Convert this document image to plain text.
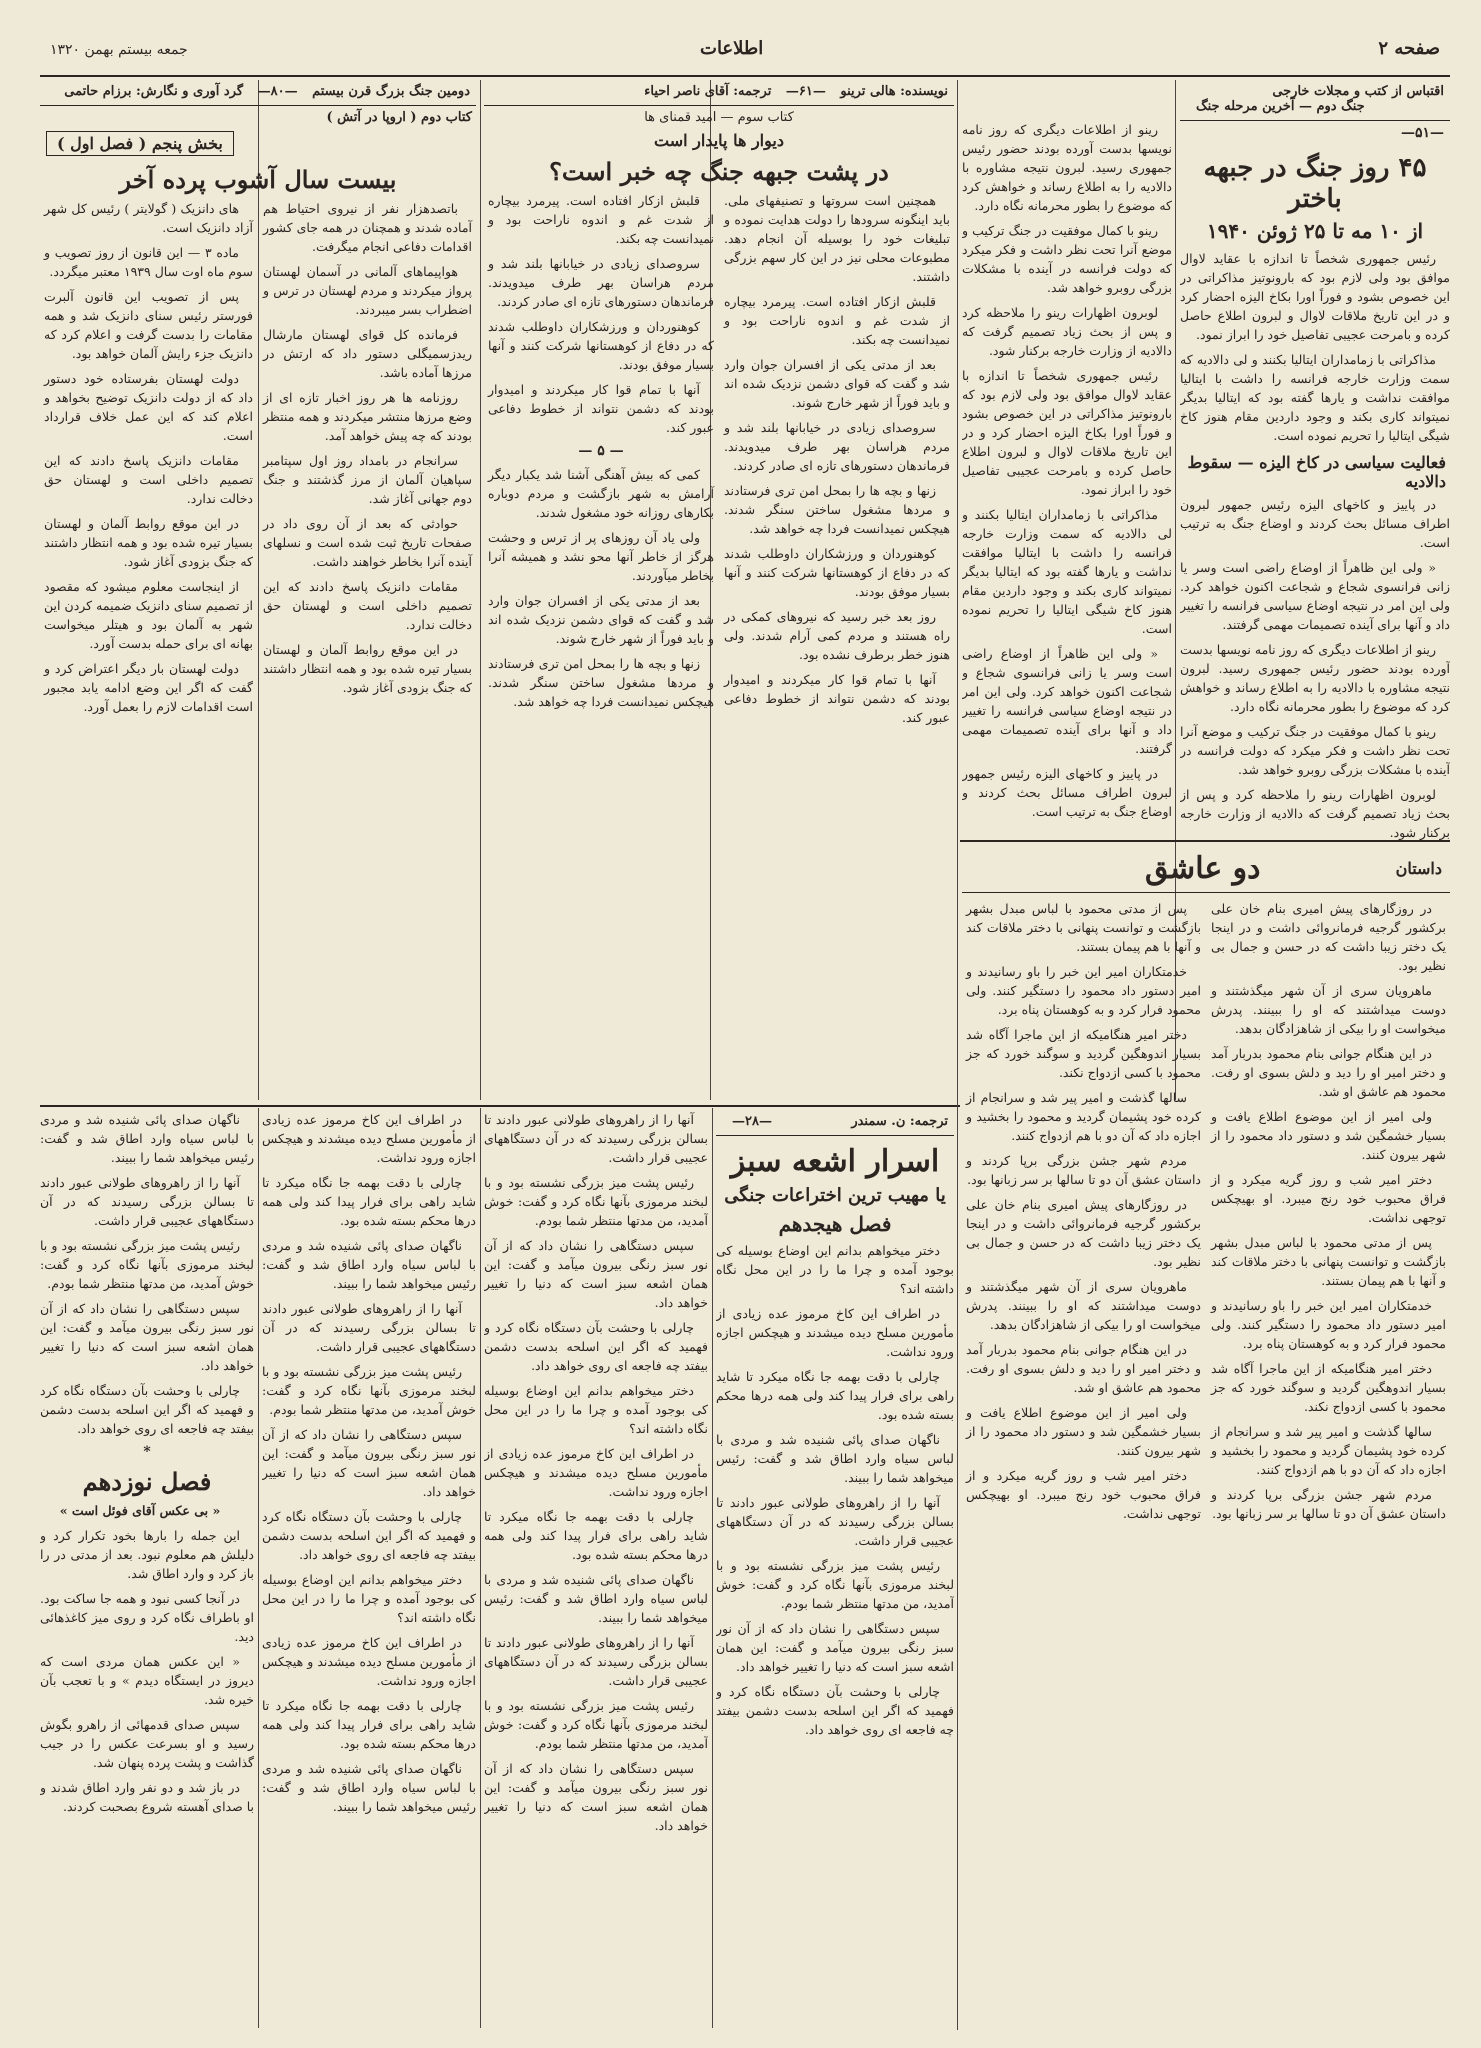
صفحه ۲
اطلاعات
جمعه بیستم بهمن ۱۳۲۰
اقتباس از کتب و مجلات خارجی
جنگ دوم — آخرین مرحله جنگ
—۵۱—
۴۵ روز جنگ در جبهه باختر
از ۱۰ مه تا ۲۵ ژوئن ۱۹۴۰

رئیس جمهوری شخصاً تا اندازه با عقاید لاوال موافق بود ولی لازم بود که بارونوتیز مذاکراتی در این خصوص بشود و فوراً اورا بکاخ الیزه احضار کرد و در این تاریخ ملاقات لاوال و لبرون اطلاع حاصل کرده و بامرحت عجیبی تفاصیل خود را ابراز نمود.

مذاکراتی با زمامداران ایتالیا بکنند و لی دالادیه که سمت وزارت خارجه فرانسه را داشت با ایتالیا موافقت نداشت و یارها گفته بود که ایتالیا بدیگر نمیتواند کاری بکند و وجود داردین مقام هنوز کاخ شیگی ایتالیا را تحریم نموده است.

فعالیت سیاسی در کاخ الیزه — سقوط دالادیه

در پاییز و کاخهای الیزه رئیس جمهور لبرون اطراف مسائل بحث کردند و اوضاع جنگ به ترتیب است.

« ولی این ظاهراً از اوضاع راضی است وسر یا زانی فرانسوی شجاع و شجاعت اکنون خواهد کرد. ولی این امر در نتیجه اوضاع سیاسی فرانسه را تغییر داد و آنها برای آینده تصمیمات مهمی گرفتند.

رینو از اطلاعات دیگری که روز نامه نویسها بدست آورده بودند حضور رئیس جمهوری رسید. لبرون نتیجه مشاوره با دالادیه را به اطلاع رساند و خواهش کرد که موضوع را بطور محرمانه نگاه دارد.

رینو با کمال موفقیت در جنگ ترکیب و موضع آنرا تحت نظر داشت و فکر میکرد که دولت فرانسه در آینده با مشکلات بزرگی روبرو خواهد شد.

لوبرون اظهارات رینو را ملاحظه کرد و پس از بحث زیاد تصمیم گرفت که دالادیه از وزارت خارجه برکنار شود.

رینو از اطلاعات دیگری که روز نامه نویسها بدست آورده بودند حضور رئیس جمهوری رسید. لبرون نتیجه مشاوره با دالادیه را به اطلاع رساند و خواهش کرد که موضوع را بطور محرمانه نگاه دارد.

رینو با کمال موفقیت در جنگ ترکیب و موضع آنرا تحت نظر داشت و فکر میکرد که دولت فرانسه در آینده با مشکلات بزرگی روبرو خواهد شد.

لوبرون اظهارات رینو را ملاحظه کرد و پس از بحث زیاد تصمیم گرفت که دالادیه از وزارت خارجه برکنار شود.

رئیس جمهوری شخصاً تا اندازه با عقاید لاوال موافق بود ولی لازم بود که بارونوتیز مذاکراتی در این خصوص بشود و فوراً اورا بکاخ الیزه احضار کرد و در این تاریخ ملاقات لاوال و لبرون اطلاع حاصل کرده و بامرحت عجیبی تفاصیل خود را ابراز نمود.

مذاکراتی با زمامداران ایتالیا بکنند و لی دالادیه که سمت وزارت خارجه فرانسه را داشت با ایتالیا موافقت نداشت و یارها گفته بود که ایتالیا بدیگر نمیتواند کاری بکند و وجود داردین مقام هنوز کاخ شیگی ایتالیا را تحریم نموده است.

« ولی این ظاهراً از اوضاع راضی است وسر یا زانی فرانسوی شجاع و شجاعت اکنون خواهد کرد. ولی این امر در نتیجه اوضاع سیاسی فرانسه را تغییر داد و آنها برای آینده تصمیمات مهمی گرفتند.

در پاییز و کاخهای الیزه رئیس جمهور لبرون اطراف مسائل بحث کردند و اوضاع جنگ به ترتیب است.

نویسنده: هالی ترینو —۶۱— ترجمه: آقای ناصر احیاء
کتاب سوم — امید قمنای ها
دیوار ها پایدار است
در پشت جبهه جنگ چه خبر است؟

همچنین است سروتها و تصنیفهای ملی. باید اینگونه سرودها را دولت هدایت نموده و تبلیغات خود را بوسیله آن انجام دهد. مطبوعات محلی نیز در این کار سهم بزرگی داشتند.

قلبش ازکار افتاده است. پیرمرد بیچاره از شدت غم و اندوه ناراحت بود و نمیدانست چه بکند.

بعد از مدتی یکی از افسران جوان وارد شد و گفت که قوای دشمن نزدیک شده اند و باید فوراً از شهر خارج شوند.

سروصدای زیادی در خیابانها بلند شد و مردم هراسان بهر طرف میدویدند. فرماندهان دستورهای تازه ای صادر کردند.

زنها و بچه ها را بمحل امن تری فرستادند و مردها مشغول ساختن سنگر شدند. هیچکس نمیدانست فردا چه خواهد شد.

کوهنوردان و ورزشکاران داوطلب شدند که در دفاع از کوهستانها شرکت کنند و آنها بسیار موفق بودند.

روز بعد خبر رسید که نیروهای کمکی در راه هستند و مردم کمی آرام شدند. ولی هنوز خطر برطرف نشده بود.

آنها با تمام قوا کار میکردند و امیدوار بودند که دشمن نتواند از خطوط دفاعی عبور کند.

قلبش ازکار افتاده است. پیرمرد بیچاره از شدت غم و اندوه ناراحت بود و نمیدانست چه بکند.

سروصدای زیادی در خیابانها بلند شد و مردم هراسان بهر طرف میدویدند. فرماندهان دستورهای تازه ای صادر کردند.

کوهنوردان و ورزشکاران داوطلب شدند که در دفاع از کوهستانها شرکت کنند و آنها بسیار موفق بودند.

آنها با تمام قوا کار میکردند و امیدوار بودند که دشمن نتواند از خطوط دفاعی عبور کند.

— ۵ —

کمی که بیش آهنگی آشنا شد یکبار دیگر آرامش به شهر بازگشت و مردم دوباره بکارهای روزانه خود مشغول شدند.

ولی یاد آن روزهای پر از ترس و وحشت هرگز از خاطر آنها محو نشد و همیشه آنرا بخاطر میآوردند.

بعد از مدتی یکی از افسران جوان وارد شد و گفت که قوای دشمن نزدیک شده اند و باید فوراً از شهر خارج شوند.

زنها و بچه ها را بمحل امن تری فرستادند و مردها مشغول ساختن سنگر شدند. هیچکس نمیدانست فردا چه خواهد شد.

دومین جنگ بزرگ قرن بیستم —۸۰— گرد آوری و نگارش: برزام حاتمی
کتاب دوم ( اروپا در آتش )
بخش پنجم ( فصل اول )
بیست سال آشوب پرده آخر

باتصدهزار نفر از نیروی احتیاط هم آماده شدند و همچنان در همه جای کشور اقدامات دفاعی انجام میگرفت.

هواپیماهای آلمانی در آسمان لهستان پرواز میکردند و مردم لهستان در ترس و اضطراب بسر میبردند.

فرمانده کل قوای لهستان مارشال ریدزسمیگلی دستور داد که ارتش در مرزها آماده باشد.

روزنامه ها هر روز اخبار تازه ای از وضع مرزها منتشر میکردند و همه منتظر بودند که چه پیش خواهد آمد.

سرانجام در بامداد روز اول سپتامبر سپاهیان آلمان از مرز گذشتند و جنگ دوم جهانی آغاز شد.

حوادثی که بعد از آن روی داد در صفحات تاریخ ثبت شده است و نسلهای آینده آنرا بخاطر خواهند داشت.

مقامات دانزیک پاسخ دادند که این تصمیم داخلی است و لهستان حق دخالت ندارد.

در این موقع روابط آلمان و لهستان بسیار تیره شده بود و همه انتظار داشتند که جنگ بزودی آغاز شود.

های دانزیک ( گولایتر ) رئیس کل شهر آزاد دانزیک است.

ماده ۳ — این قانون از روز تصویب و سوم ماه اوت سال ۱۹۳۹ معتبر میگردد.

پس از تصویب این قانون آلبرت فورستر رئیس سنای دانزیک شد و همه مقامات را بدست گرفت و اعلام کرد که دانزیک جزء رایش آلمان خواهد بود.

دولت لهستان بفرستاده خود دستور داد که از دولت دانزیک توضیح بخواهد و اعلام کند که این عمل خلاف قرارداد است.

مقامات دانزیک پاسخ دادند که این تصمیم داخلی است و لهستان حق دخالت ندارد.

در این موقع روابط آلمان و لهستان بسیار تیره شده بود و همه انتظار داشتند که جنگ بزودی آغاز شود.

از اینجاست معلوم میشود که مقصود از تصمیم سنای دانزیک ضمیمه کردن این شهر به آلمان بود و هیتلر میخواست بهانه ای برای حمله بدست آورد.

دولت لهستان بار دیگر اعتراض کرد و گفت که اگر این وضع ادامه یابد مجبور است اقدامات لازم را بعمل آورد.

داستان
دو عاشق

در روزگارهای پیش امیری بنام خان علی برکشور گرجیه فرمانروائی داشت و در اینجا یک دختر زیبا داشت که در حسن و جمال بی نظیر بود.

ماهرویان سری از آن شهر میگذشتند و دوست میداشتند که او را ببینند. پدرش میخواست او را بیکی از شاهزادگان بدهد.

در این هنگام جوانی بنام محمود بدربار آمد و دختر امیر او را دید و دلش بسوی او رفت. محمود هم عاشق او شد.

ولی امیر از این موضوع اطلاع یافت و بسیار خشمگین شد و دستور داد محمود را از شهر بیرون کنند.

دختر امیر شب و روز گریه میکرد و از فراق محبوب خود رنج میبرد. او بهیچکس توجهی نداشت.

پس از مدتی محمود با لباس مبدل بشهر بازگشت و توانست پنهانی با دختر ملاقات کند و آنها با هم پیمان بستند.

خدمتکاران امیر این خبر را باو رسانیدند و امیر دستور داد محمود را دستگیر کنند. ولی محمود فرار کرد و به کوهستان پناه برد.

دختر امیر هنگامیکه از این ماجرا آگاه شد بسیار اندوهگین گردید و سوگند خورد که جز محمود با کسی ازدواج نکند.

سالها گذشت و امیر پیر شد و سرانجام از کرده خود پشیمان گردید و محمود را بخشید و اجازه داد که آن دو با هم ازدواج کنند.

مردم شهر جشن بزرگی برپا کردند و داستان عشق آن دو تا سالها بر سر زبانها بود.

پس از مدتی محمود با لباس مبدل بشهر بازگشت و توانست پنهانی با دختر ملاقات کند و آنها با هم پیمان بستند.

خدمتکاران امیر این خبر را باو رسانیدند و امیر دستور داد محمود را دستگیر کنند. ولی محمود فرار کرد و به کوهستان پناه برد.

دختر امیر هنگامیکه از این ماجرا آگاه شد بسیار اندوهگین گردید و سوگند خورد که جز محمود با کسی ازدواج نکند.

سالها گذشت و امیر پیر شد و سرانجام از کرده خود پشیمان گردید و محمود را بخشید و اجازه داد که آن دو با هم ازدواج کنند.

مردم شهر جشن بزرگی برپا کردند و داستان عشق آن دو تا سالها بر سر زبانها بود.

در روزگارهای پیش امیری بنام خان علی برکشور گرجیه فرمانروائی داشت و در اینجا یک دختر زیبا داشت که در حسن و جمال بی نظیر بود.

ماهرویان سری از آن شهر میگذشتند و دوست میداشتند که او را ببینند. پدرش میخواست او را بیکی از شاهزادگان بدهد.

در این هنگام جوانی بنام محمود بدربار آمد و دختر امیر او را دید و دلش بسوی او رفت. محمود هم عاشق او شد.

ولی امیر از این موضوع اطلاع یافت و بسیار خشمگین شد و دستور داد محمود را از شهر بیرون کنند.

دختر امیر شب و روز گریه میکرد و از فراق محبوب خود رنج میبرد. او بهیچکس توجهی نداشت.

ترجمه: ن. سمندر
—۲۸—
اسرار اشعه سبز
یا مهیب ترین اختراعات جنگی
فصل هیجدهم

دختر میخواهم بدانم این اوضاع بوسیله کی بوجود آمده و چرا ما را در این محل نگاه داشته اند؟

در اطراف این کاخ مرموز عده زیادی از مأمورین مسلح دیده میشدند و هیچکس اجازه ورود نداشت.

چارلی با دقت بهمه جا نگاه میکرد تا شاید راهی برای فرار پیدا کند ولی همه درها محکم بسته شده بود.

ناگهان صدای پائی شنیده شد و مردی با لباس سیاه وارد اطاق شد و گفت: رئیس میخواهد شما را ببیند.

آنها را از راهروهای طولانی عبور دادند تا بسالن بزرگی رسیدند که در آن دستگاههای عجیبی قرار داشت.

رئیس پشت میز بزرگی نشسته بود و با لبخند مرموزی بآنها نگاه کرد و گفت: خوش آمدید، من مدتها منتظر شما بودم.

سپس دستگاهی را نشان داد که از آن نور سبز رنگی بیرون میآمد و گفت: این همان اشعه سبز است که دنیا را تغییر خواهد داد.

چارلی با وحشت بآن دستگاه نگاه کرد و فهمید که اگر این اسلحه بدست دشمن بیفتد چه فاجعه ای روی خواهد داد.

آنها را از راهروهای طولانی عبور دادند تا بسالن بزرگی رسیدند که در آن دستگاههای عجیبی قرار داشت.

رئیس پشت میز بزرگی نشسته بود و با لبخند مرموزی بآنها نگاه کرد و گفت: خوش آمدید، من مدتها منتظر شما بودم.

سپس دستگاهی را نشان داد که از آن نور سبز رنگی بیرون میآمد و گفت: این همان اشعه سبز است که دنیا را تغییر خواهد داد.

چارلی با وحشت بآن دستگاه نگاه کرد و فهمید که اگر این اسلحه بدست دشمن بیفتد چه فاجعه ای روی خواهد داد.

دختر میخواهم بدانم این اوضاع بوسیله کی بوجود آمده و چرا ما را در این محل نگاه داشته اند؟

در اطراف این کاخ مرموز عده زیادی از مأمورین مسلح دیده میشدند و هیچکس اجازه ورود نداشت.

چارلی با دقت بهمه جا نگاه میکرد تا شاید راهی برای فرار پیدا کند ولی همه درها محکم بسته شده بود.

ناگهان صدای پائی شنیده شد و مردی با لباس سیاه وارد اطاق شد و گفت: رئیس میخواهد شما را ببیند.

آنها را از راهروهای طولانی عبور دادند تا بسالن بزرگی رسیدند که در آن دستگاههای عجیبی قرار داشت.

رئیس پشت میز بزرگی نشسته بود و با لبخند مرموزی بآنها نگاه کرد و گفت: خوش آمدید، من مدتها منتظر شما بودم.

سپس دستگاهی را نشان داد که از آن نور سبز رنگی بیرون میآمد و گفت: این همان اشعه سبز است که دنیا را تغییر خواهد داد.

در اطراف این کاخ مرموز عده زیادی از مأمورین مسلح دیده میشدند و هیچکس اجازه ورود نداشت.

چارلی با دقت بهمه جا نگاه میکرد تا شاید راهی برای فرار پیدا کند ولی همه درها محکم بسته شده بود.

ناگهان صدای پائی شنیده شد و مردی با لباس سیاه وارد اطاق شد و گفت: رئیس میخواهد شما را ببیند.

آنها را از راهروهای طولانی عبور دادند تا بسالن بزرگی رسیدند که در آن دستگاههای عجیبی قرار داشت.

رئیس پشت میز بزرگی نشسته بود و با لبخند مرموزی بآنها نگاه کرد و گفت: خوش آمدید، من مدتها منتظر شما بودم.

سپس دستگاهی را نشان داد که از آن نور سبز رنگی بیرون میآمد و گفت: این همان اشعه سبز است که دنیا را تغییر خواهد داد.

چارلی با وحشت بآن دستگاه نگاه کرد و فهمید که اگر این اسلحه بدست دشمن بیفتد چه فاجعه ای روی خواهد داد.

دختر میخواهم بدانم این اوضاع بوسیله کی بوجود آمده و چرا ما را در این محل نگاه داشته اند؟

در اطراف این کاخ مرموز عده زیادی از مأمورین مسلح دیده میشدند و هیچکس اجازه ورود نداشت.

چارلی با دقت بهمه جا نگاه میکرد تا شاید راهی برای فرار پیدا کند ولی همه درها محکم بسته شده بود.

ناگهان صدای پائی شنیده شد و مردی با لباس سیاه وارد اطاق شد و گفت: رئیس میخواهد شما را ببیند.

ناگهان صدای پائی شنیده شد و مردی با لباس سیاه وارد اطاق شد و گفت: رئیس میخواهد شما را ببیند.

آنها را از راهروهای طولانی عبور دادند تا بسالن بزرگی رسیدند که در آن دستگاههای عجیبی قرار داشت.

رئیس پشت میز بزرگی نشسته بود و با لبخند مرموزی بآنها نگاه کرد و گفت: خوش آمدید، من مدتها منتظر شما بودم.

سپس دستگاهی را نشان داد که از آن نور سبز رنگی بیرون میآمد و گفت: این همان اشعه سبز است که دنیا را تغییر خواهد داد.

چارلی با وحشت بآن دستگاه نگاه کرد و فهمید که اگر این اسلحه بدست دشمن بیفتد چه فاجعه ای روی خواهد داد.

*
فصل نوزدهم

« بی عکس آقای فوئل است »

این جمله را بارها بخود تکرار کرد و دلیلش هم معلوم نبود. بعد از مدتی در را باز کرد و وارد اطاق شد.

در آنجا کسی نبود و همه جا ساکت بود. او باطراف نگاه کرد و روی میز کاغذهائی دید.

« این عکس همان مردی است که دیروز در ایستگاه دیدم » و با تعجب بآن خیره شد.

سپس صدای قدمهائی از راهرو بگوش رسید و او بسرعت عکس را در جیب گذاشت و پشت پرده پنهان شد.

در باز شد و دو نفر وارد اطاق شدند و با صدای آهسته شروع بصحبت کردند.
